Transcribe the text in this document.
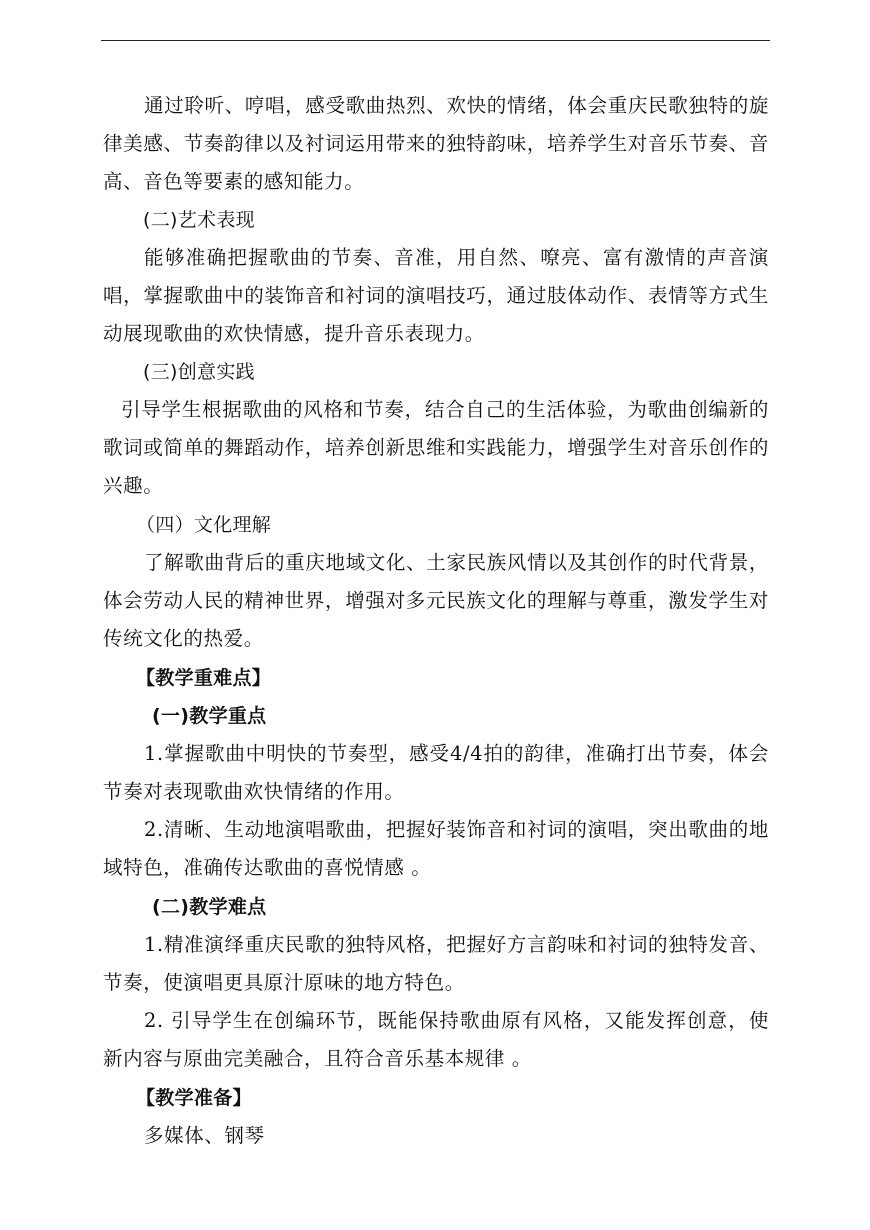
通过聆听、哼唱，感受歌曲热烈、欢快的情绪，体会重庆民歌独特的旋律美感、节奏韵律以及衬词运用带来的独特韵味，培养学生对音乐节奏、音高、音色等要素的感知能力。

(二)艺术表现

能够准确把握歌曲的节奏、音准，用自然、嘹亮、富有激情的声音演唱，掌握歌曲中的装饰音和衬词的演唱技巧，通过肢体动作、表情等方式生动展现歌曲的欢快情感，提升音乐表现力。

(三)创意实践

引导学生根据歌曲的风格和节奏，结合自己的生活体验，为歌曲创编新的歌词或简单的舞蹈动作，培养创新思维和实践能力，增强学生对音乐创作的兴趣。

（四）文化理解

了解歌曲背后的重庆地域文化、土家民族风情以及其创作的时代背景，体会劳动人民的精神世界，增强对多元民族文化的理解与尊重，激发学生对传统文化的热爱。

【教学重难点】

(一)教学重点

1.掌握歌曲中明快的节奏型，感受4/4拍的韵律，准确打出节奏，体会节奏对表现歌曲欢快情绪的作用。

2.清晰、生动地演唱歌曲，把握好装饰音和衬词的演唱，突出歌曲的地域特色，准确传达歌曲的喜悦情感 。

(二)教学难点

1.精准演绎重庆民歌的独特风格，把握好方言韵味和衬词的独特发音、节奏，使演唱更具原汁原味的地方特色。

2. 引导学生在创编环节，既能保持歌曲原有风格，又能发挥创意，使新内容与原曲完美融合，且符合音乐基本规律 。

【教学准备】

多媒体、钢琴
